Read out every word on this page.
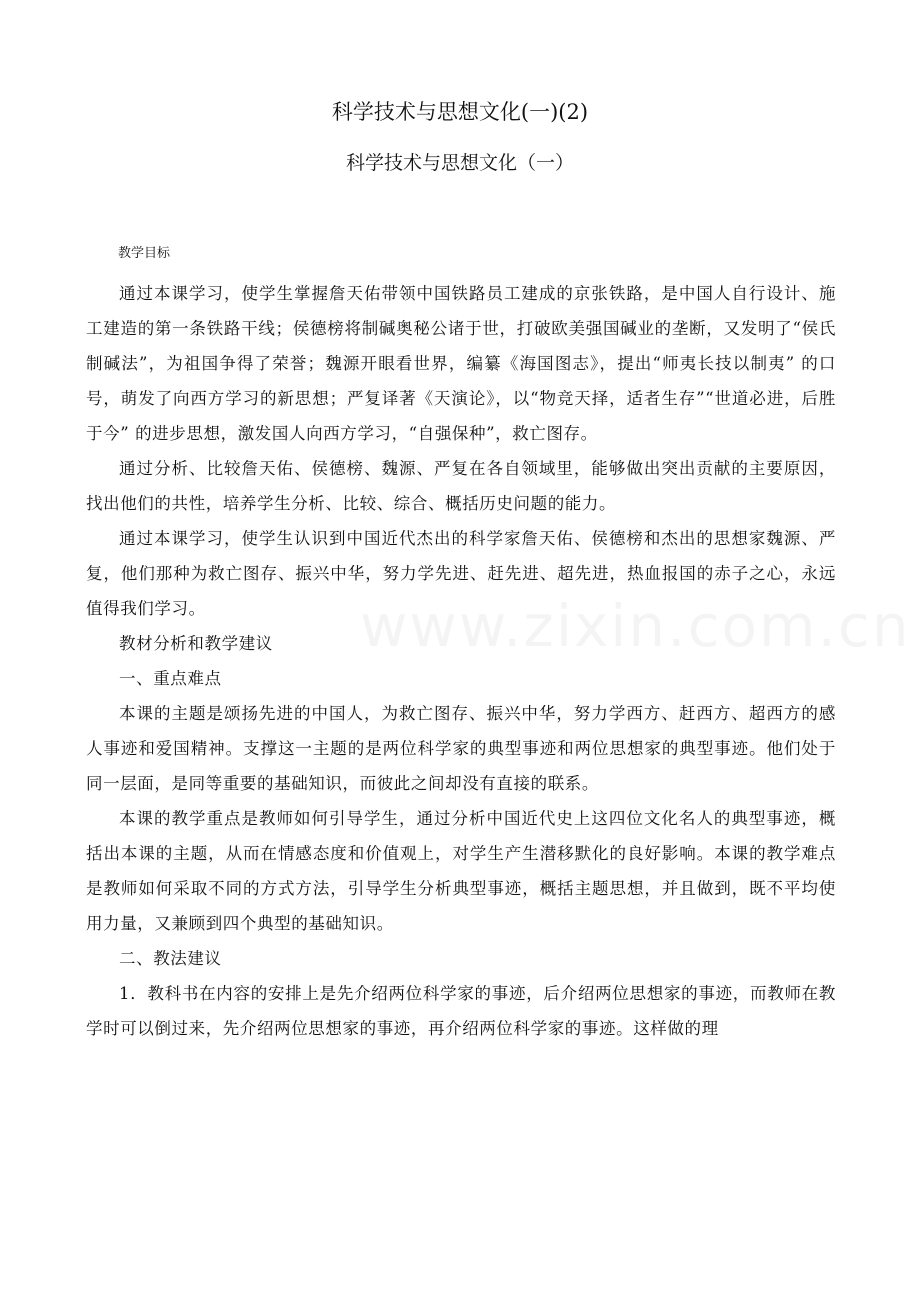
科学技术与思想文化(一)(2)
科学技术与思想文化（一）

教学目标

通过本课学习，使学生掌握詹天佑带领中国铁路员工建成的京张铁路，是中国人自行设计、施工建造的第一条铁路干线；侯德榜将制碱奥秘公诸于世，打破欧美强国碱业的垄断，又发明了“侯氏制碱法”，为祖国争得了荣誉；魏源开眼看世界，编纂《海国图志》，提出“师夷长技以制夷” 的口号，萌发了向西方学习的新思想；严复译著《天演论》，以“物竞天择，适者生存”“世道必进，后胜于今” 的进步思想，激发国人向西方学习，“自强保种”，救亡图存。

通过分析、比较詹天佑、侯德榜、魏源、严复在各自领域里，能够做出突出贡献的主要原因，找出他们的共性，培养学生分析、比较、综合、概括历史问题的能力。

通过本课学习，使学生认识到中国近代杰出的科学家詹天佑、侯德榜和杰出的思想家魏源、严复，他们那种为救亡图存、振兴中华，努力学先进、赶先进、超先进，热血报国的赤子之心，永远值得我们学习。

教材分析和教学建议

一、重点难点

本课的主题是颂扬先进的中国人，为救亡图存、振兴中华，努力学西方、赶西方、超西方的感人事迹和爱国精神。支撑这一主题的是两位科学家的典型事迹和两位思想家的典型事迹。他们处于同一层面，是同等重要的基础知识，而彼此之间却没有直接的联系。

本课的教学重点是教师如何引导学生，通过分析中国近代史上这四位文化名人的典型事迹，概括出本课的主题，从而在情感态度和价值观上，对学生产生潜移默化的良好影响。本课的教学难点是教师如何采取不同的方式方法，引导学生分析典型事迹，概括主题思想，并且做到，既不平均使用力量，又兼顾到四个典型的基础知识。

二、教法建议

1．教科书在内容的安排上是先介绍两位科学家的事迹，后介绍两位思想家的事迹，而教师在教学时可以倒过来，先介绍两位思想家的事迹，再介绍两位科学家的事迹。这样做的理
